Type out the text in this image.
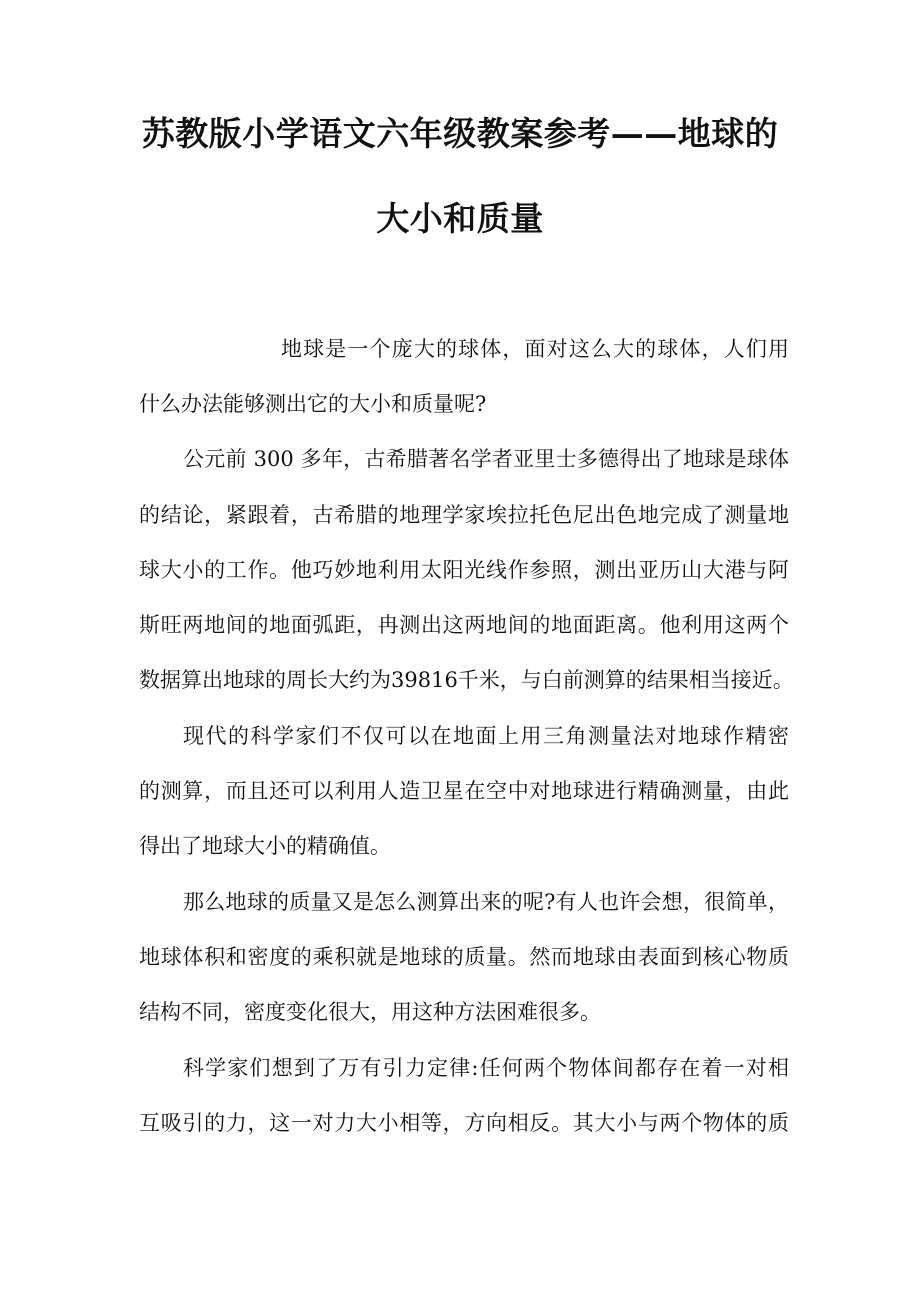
苏教版小学语文六年级教案参考——地球的
大小和质量
地球是一个庞大的球体，面对这么大的球体，人们用
什么办法能够测出它的大小和质量呢?
公元前 300 多年，古希腊著名学者亚里士多德得出了地球是球体
的结论，紧跟着，古希腊的地理学家埃拉托色尼出色地完成了测量地
球大小的工作。他巧妙地利用太阳光线作参照，测出亚历山大港与阿
斯旺两地间的地面弧距，冉测出这两地间的地面距离。他利用这两个
数据算出地球的周长大约为39816千米，与白前测算的结果相当接近。
现代的科学家们不仅可以在地面上用三角测量法对地球作精密
的测算，而且还可以利用人造卫星在空中对地球进行精确测量，由此
得出了地球大小的精确值。
那么地球的质量又是怎么测算出来的呢?有人也许会想，很简单，
地球体积和密度的乘积就是地球的质量。然而地球由表面到核心物质
结构不同，密度变化很大，用这种方法困难很多。
科学家们想到了万有引力定律:任何两个物体间都存在着一对相
互吸引的力，这一对力大小相等，方向相反。其大小与两个物体的质
